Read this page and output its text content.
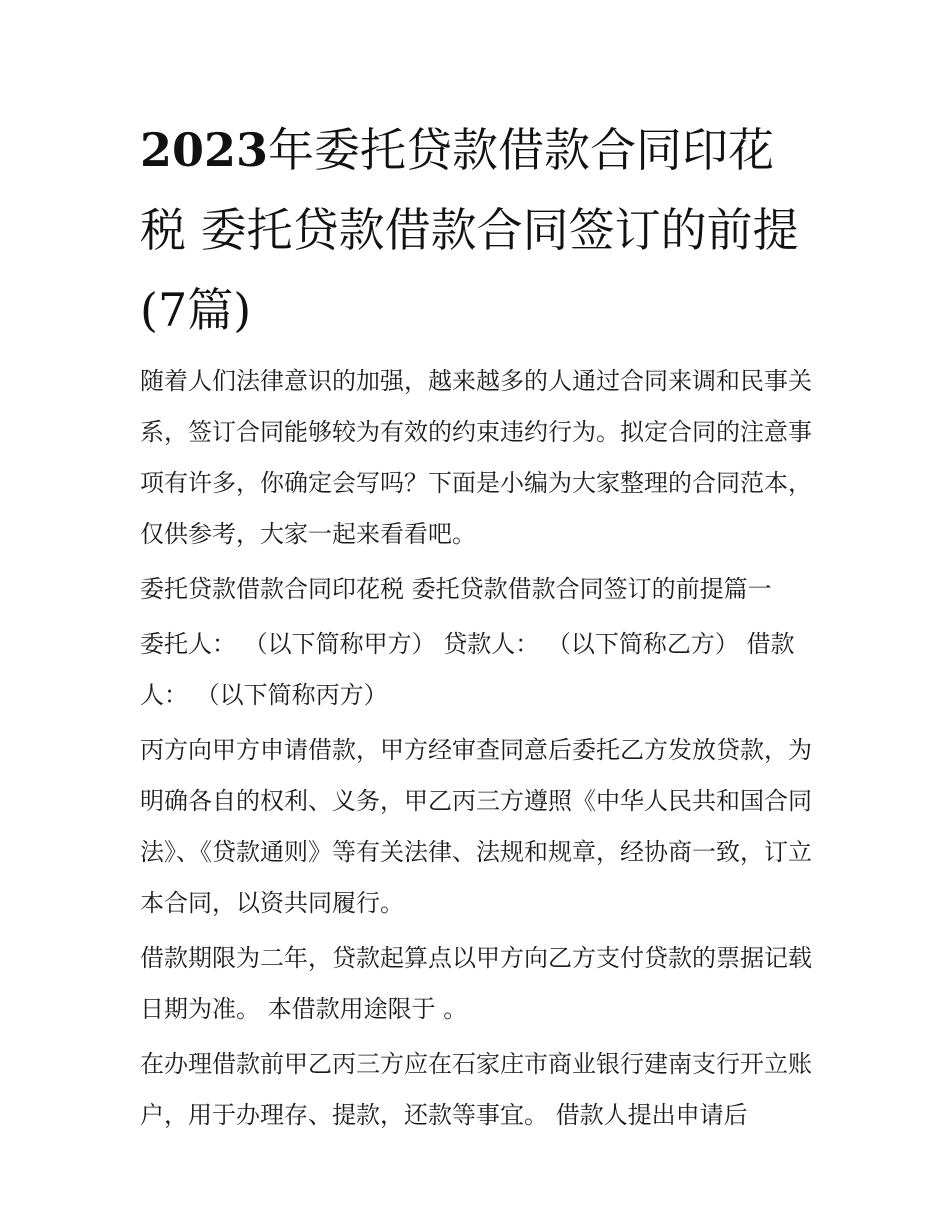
2023年委托贷款借款合同印花税 委托贷款借款合同签订的前提(7篇)

随着人们法律意识的加强，越来越多的人通过合同来调和民事关系，签订合同能够较为有效的约束违约行为。拟定合同的注意事项有许多，你确定会写吗？下面是小编为大家整理的合同范本，仅供参考，大家一起来看看吧。

委托贷款借款合同印花税 委托贷款借款合同签订的前提篇一

委托人： （以下简称甲方） 贷款人： （以下简称乙方） 借款人： （以下简称丙方）

丙方向甲方申请借款，甲方经审查同意后委托乙方发放贷款，为明确各自的权利、义务，甲乙丙三方遵照《中华人民共和国合同法》、《贷款通则》等有关法律、法规和规章，经协商一致，订立本合同，以资共同履行。

借款期限为二年，贷款起算点以甲方向乙方支付贷款的票据记载日期为准。 本借款用途限于 。

在办理借款前甲乙丙三方应在石家庄市商业银行建南支行开立账户，用于办理存、提款，还款等事宜。 借款人提出申请后
